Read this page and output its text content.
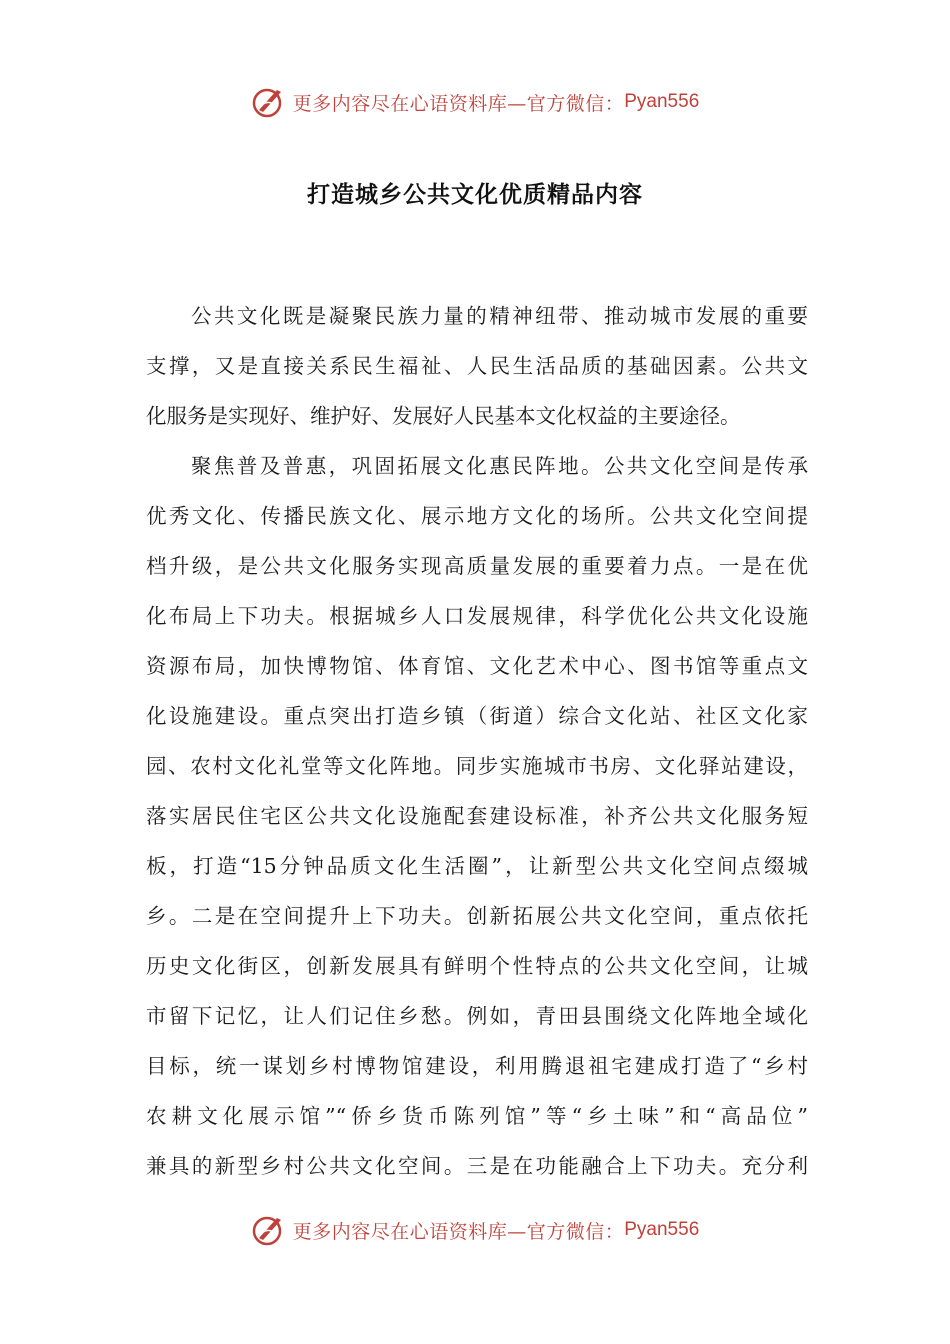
更多内容尽在心语资料库—官方微信： Pyan556
打造城乡公共文化优质精品内容
公共文化既是凝聚民族力量的精神纽带、推动城市发展的重要
支撑，又是直接关系民生福祉、人民生活品质的基础因素。公共文
化服务是实现好、维护好、发展好人民基本文化权益的主要途径。
聚焦普及普惠，巩固拓展文化惠民阵地。公共文化空间是传承
优秀文化、传播民族文化、展示地方文化的场所。公共文化空间提
档升级，是公共文化服务实现高质量发展的重要着力点。一是在优
化布局上下功夫。根据城乡人口发展规律，科学优化公共文化设施
资源布局，加快博物馆、体育馆、文化艺术中心、图书馆等重点文
化设施建设。重点突出打造乡镇（街道）综合文化站、社区文化家
园、农村文化礼堂等文化阵地。同步实施城市书房、文化驿站建设，
落实居民住宅区公共文化设施配套建设标准，补齐公共文化服务短
板，打造“15分钟品质文化生活圈”，让新型公共文化空间点缀城
乡。二是在空间提升上下功夫。创新拓展公共文化空间，重点依托
历史文化街区，创新发展具有鲜明个性特点的公共文化空间，让城
市留下记忆，让人们记住乡愁。例如，青田县围绕文化阵地全域化
目标，统一谋划乡村博物馆建设，利用腾退祖宅建成打造了“乡村
农耕文化展示馆”“侨乡货币陈列馆”等“乡土味”和“高品位”
兼具的新型乡村公共文化空间。三是在功能融合上下功夫。充分利
更多内容尽在心语资料库—官方微信： Pyan556
